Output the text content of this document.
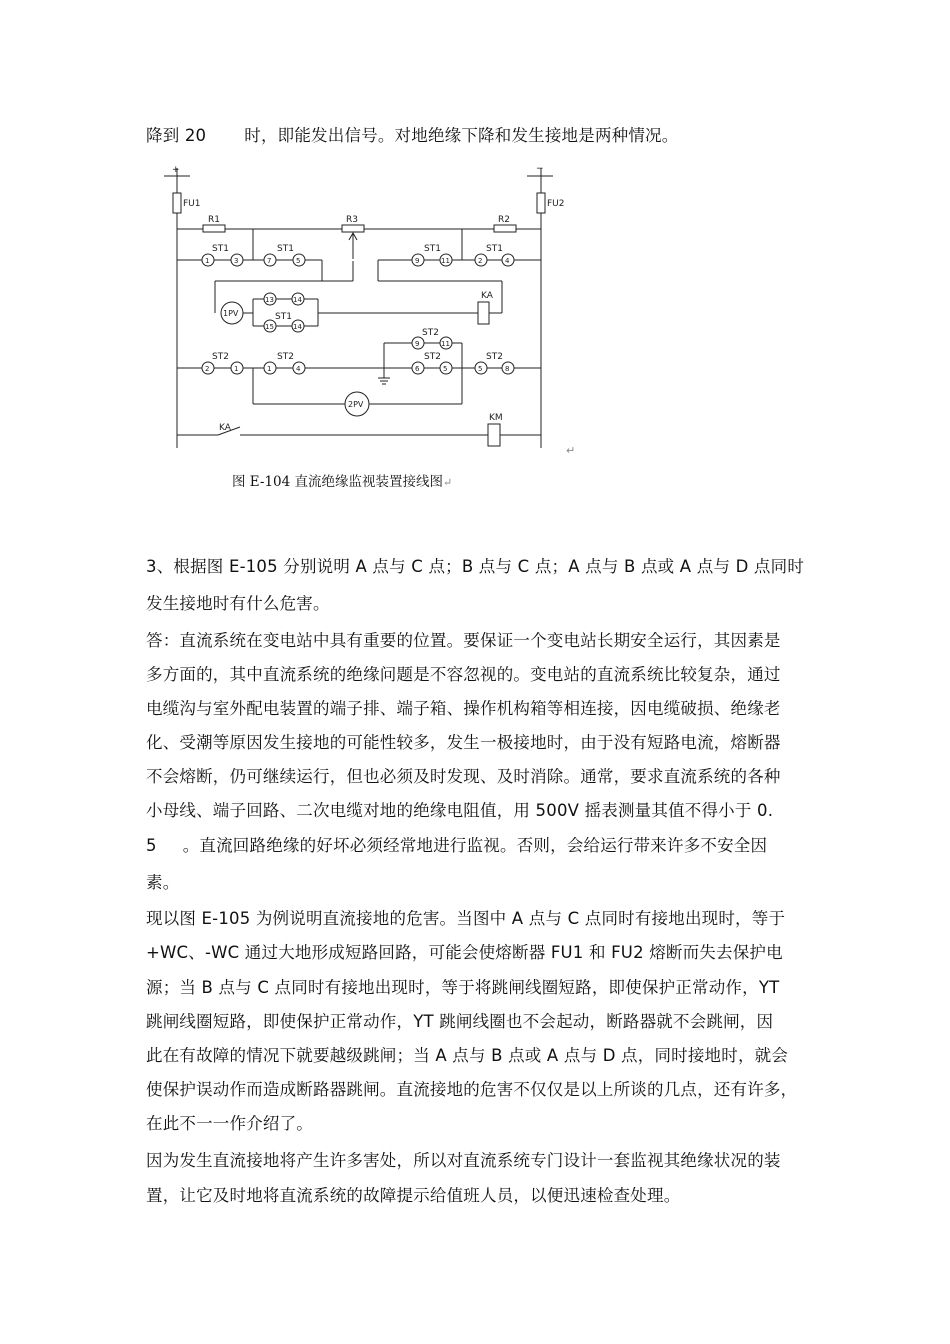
降到 20 时，即能发出信号。对地绝缘下降和发生接地是两种情况。
+	−
FU1	FU2
R1	R3	R2
1	3
ST1
7	5
ST1
9	11
ST1
2	4
ST1
1PV
13	14
ST1
15	14
KA
9	11
ST2
2	1
ST2
1	4
ST2
6	5
ST2
5	8
ST2
2PV
KA
KM
↵
图 E-104 直流绝缘监视装置接线图↵
3、根据图 E-105 分别说明 A 点与 C 点；B 点与 C 点；A 点与 B 点或 A 点与 D 点同时
发生接地时有什么危害。
答：直流系统在变电站中具有重要的位置。要保证一个变电站长期安全运行，其因素是
多方面的，其中直流系统的绝缘问题是不容忽视的。变电站的直流系统比较复杂，通过
电缆沟与室外配电装置的端子排、端子箱、操作机构箱等相连接，因电缆破损、绝缘老
化、受潮等原因发生接地的可能性较多，发生一极接地时，由于没有短路电流，熔断器
不会熔断，仍可继续运行，但也必须及时发现、及时消除。通常，要求直流系统的各种
小母线、端子回路、二次电缆对地的绝缘电阻值，用 500V 摇表测量其值不得小于 0.
5 。直流回路绝缘的好坏必须经常地进行监视。否则，会给运行带来许多不安全因
素。
现以图 E-105 为例说明直流接地的危害。当图中 A 点与 C 点同时有接地出现时，等于
+WC、-WC 通过大地形成短路回路，可能会使熔断器 FU1 和 FU2 熔断而失去保护电
源；当 B 点与 C 点同时有接地出现时，等于将跳闸线圈短路，即使保护正常动作，YT
跳闸线圈短路，即使保护正常动作，YT 跳闸线圈也不会起动，断路器就不会跳闸，因
此在有故障的情况下就要越级跳闸；当 A 点与 B 点或 A 点与 D 点，同时接地时，就会
使保护误动作而造成断路器跳闸。直流接地的危害不仅仅是以上所谈的几点，还有许多，
在此不一一作介绍了。
因为发生直流接地将产生许多害处，所以对直流系统专门设计一套监视其绝缘状况的装
置，让它及时地将直流系统的故障提示给值班人员，以便迅速检查处理。
